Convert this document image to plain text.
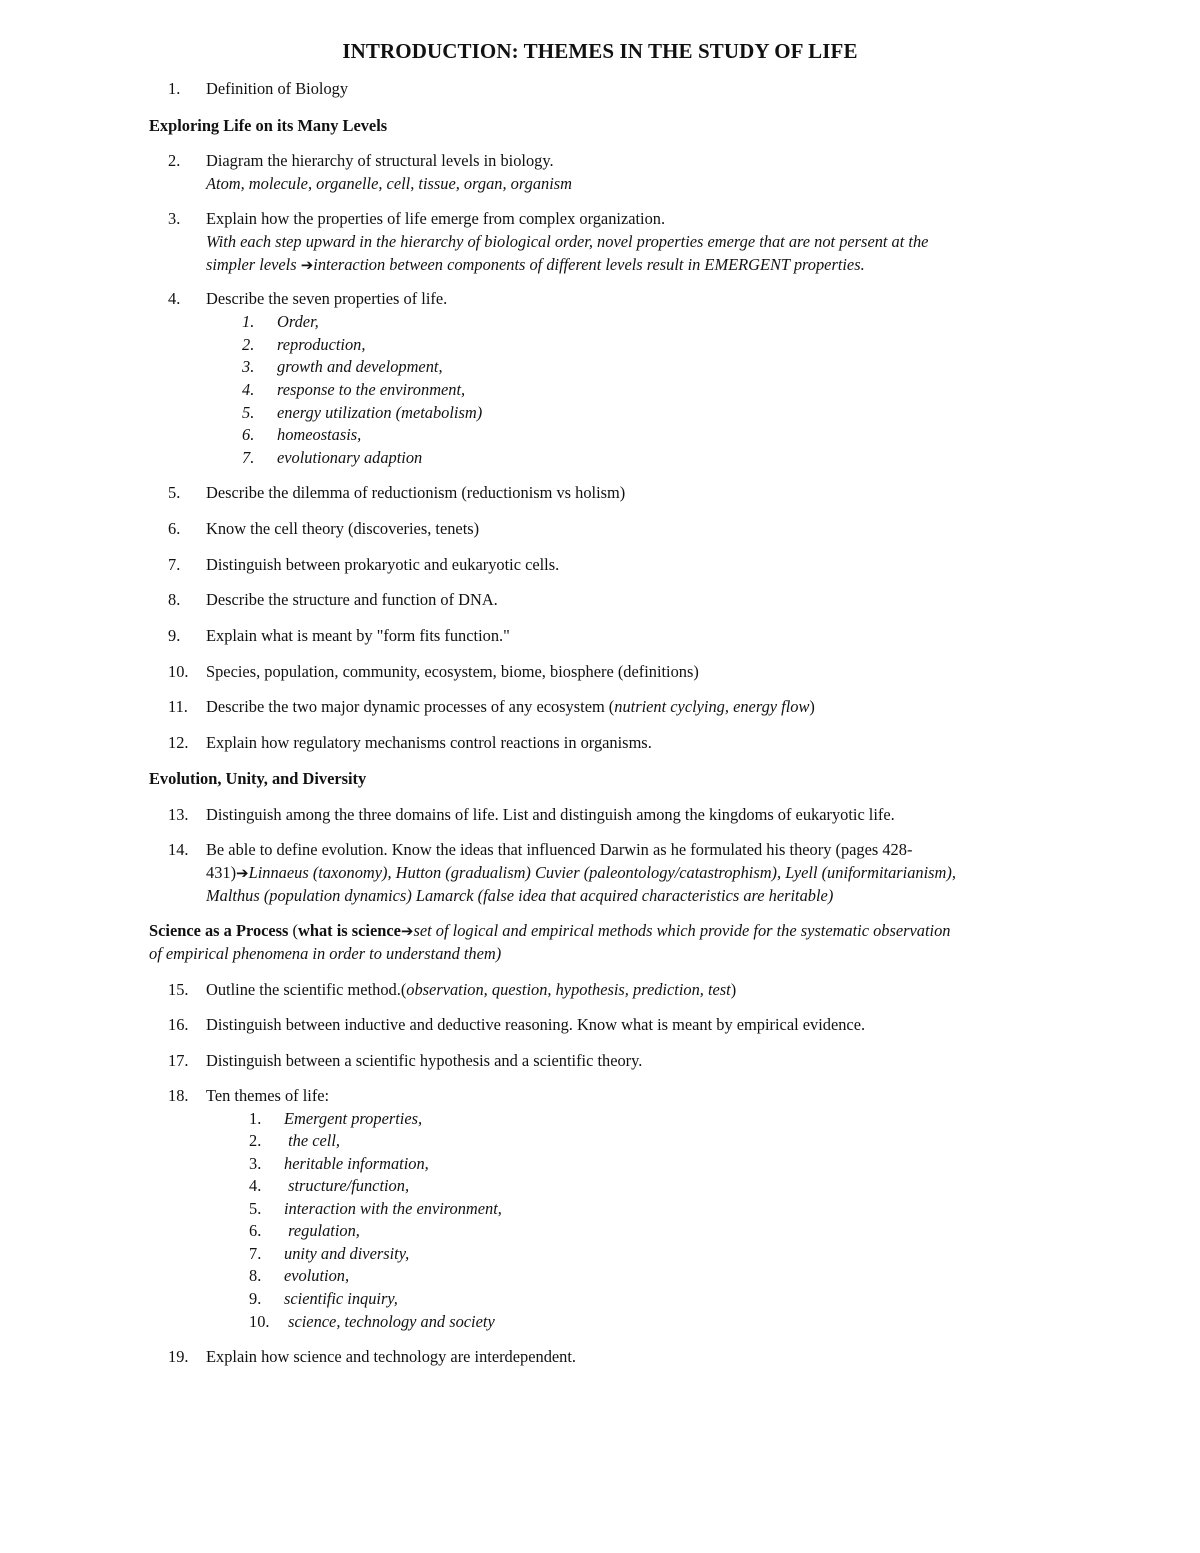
INTRODUCTION: THEMES IN THE STUDY OF LIFE
1. Definition of Biology
Exploring Life on its Many Levels
2. Diagram the hierarchy of structural levels in biology.
Atom, molecule, organelle, cell, tissue, organ, organism
3. Explain how the properties of life emerge from complex organization.
With each step upward in the hierarchy of biological order, novel properties emerge that are not persent at the
simpler levels ➔interaction between components of different levels result in EMERGENT properties.
4. Describe the seven properties of life.
1. Order,
2. reproduction,
3. growth and development,
4. response to the environment,
5. energy utilization (metabolism)
6. homeostasis,
7. evolutionary adaption
5. Describe the dilemma of reductionism (reductionism vs holism)
6. Know the cell theory (discoveries, tenets)
7. Distinguish between prokaryotic and eukaryotic cells.
8. Describe the structure and function of DNA.
9. Explain what is meant by "form fits function."
10. Species, population, community, ecosystem, biome, biosphere (definitions)
11. Describe the two major dynamic processes of any ecosystem (nutrient cyclying, energy flow)
12. Explain how regulatory mechanisms control reactions in organisms.
Evolution, Unity, and Diversity
13. Distinguish among the three domains of life. List and distinguish among the kingdoms of eukaryotic life.
14. Be able to define evolution. Know the ideas that influenced Darwin as he formulated his theory (pages 428-
431)➔Linnaeus (taxonomy), Hutton (gradualism) Cuvier (paleontology/catastrophism), Lyell (uniformitarianism),
Malthus (population dynamics) Lamarck (false idea that acquired characteristics are heritable)
Science as a Process (what is science➔set of logical and empirical methods which provide for the systematic observation
of empirical phenomena in order to understand them)
15. Outline the scientific method.(observation, question, hypothesis, prediction, test)
16. Distinguish between inductive and deductive reasoning. Know what is meant by empirical evidence.
17. Distinguish between a scientific hypothesis and a scientific theory.
18. Ten themes of life:
1. Emergent properties,
2. the cell,
3. heritable information,
4. structure/function,
5. interaction with the environment,
6. regulation,
7. unity and diversity,
8. evolution,
9. scientific inquiry,
10. science, technology and society
19. Explain how science and technology are interdependent.
